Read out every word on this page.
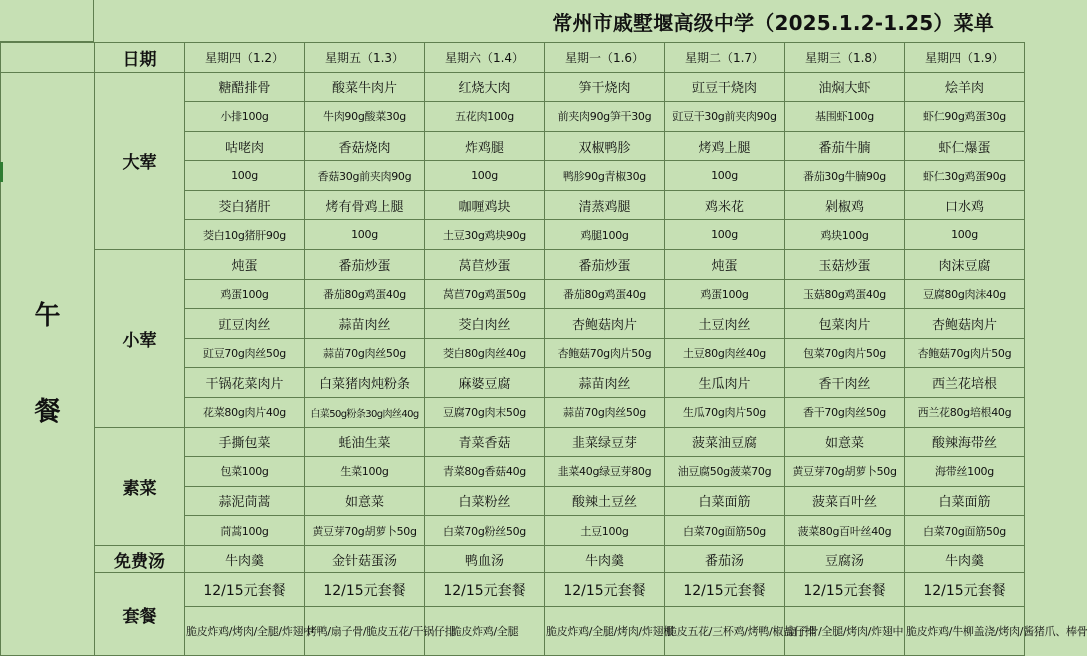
常州市戚墅堰高级中学（2025.1.2-1.25）菜单
	日期	星期四（1.2）	星期五（1.3）	星期六（1.4）	星期一（1.6）	星期二（1.7）	星期三（1.8）	星期四（1.9）

午
餐	大荤	糖醋排骨	酸菜牛肉片	红烧大肉	笋干烧肉	豇豆干烧肉	油焖大虾	烩羊肉
		小排100g	牛肉90g酸菜30g	五花肉100g	前夹肉90g笋干30g	豇豆干30g前夹肉90g	基围虾100g	虾仁90g鸡蛋30g
		咕咾肉	香菇烧肉	炸鸡腿	双椒鸭胗	烤鸡上腿	番茄牛腩	虾仁爆蛋
		100g	香菇30g前夹肉90g	100g	鸭胗90g青椒30g	100g	番茄30g牛腩90g	虾仁30g鸡蛋90g
		茭白猪肝	烤有骨鸡上腿	咖喱鸡块	清蒸鸡腿	鸡米花	剁椒鸡	口水鸡
		茭白10g猪肝90g	100g	土豆30g鸡块90g	鸡腿100g	100g	鸡块100g	100g
	小荤	炖蛋	番茄炒蛋	莴苣炒蛋	番茄炒蛋	炖蛋	玉菇炒蛋	肉沫豆腐
		鸡蛋100g	番茄80g鸡蛋40g	莴苣70g鸡蛋50g	番茄80g鸡蛋40g	鸡蛋100g	玉菇80g鸡蛋40g	豆腐80g肉沫40g
		豇豆肉丝	蒜苗肉丝	茭白肉丝	杏鲍菇肉片	土豆肉丝	包菜肉片	杏鲍菇肉片
		豇豆70g肉丝50g	蒜苗70g肉丝50g	茭白80g肉丝40g	杏鲍菇70g肉片50g	土豆80g肉丝40g	包菜70g肉片50g	杏鲍菇70g肉片50g
		干锅花菜肉片	白菜猪肉炖粉条	麻婆豆腐	蒜苗肉丝	生瓜肉片	香干肉丝	西兰花培根
		花菜80g肉片40g	白菜50g粉条30g肉丝40g	豆腐70g肉末50g	蒜苗70g肉丝50g	生瓜70g肉片50g	香干70g肉丝50g	西兰花80g培根40g
	素菜	手撕包菜	蚝油生菜	青菜香菇	韭菜绿豆芽	菠菜油豆腐	如意菜	酸辣海带丝
		包菜100g	生菜100g	青菜80g香菇40g	韭菜40g绿豆芽80g	油豆腐50g菠菜70g	黄豆芽70g胡萝卜50g	海带丝100g
		蒜泥茼蒿	如意菜	白菜粉丝	酸辣土豆丝	白菜面筋	菠菜百叶丝	白菜面筋
		茼蒿100g	黄豆芽70g胡萝卜50g	白菜70g粉丝50g	土豆100g	白菜70g面筋50g	菠菜80g百叶丝40g	白菜70g面筋50g
	免费汤	牛肉羹	金针菇蛋汤	鸭血汤	牛肉羹	番茄汤	豆腐汤	牛肉羹
	套餐	12/15元套餐	12/15元套餐	12/15元套餐	12/15元套餐	12/15元套餐	12/15元套餐	12/15元套餐
		脆皮炸鸡/烤肉/全腿/炸翅中	烤鸭/扇子骨/脆皮五花/干锅仔排	脆皮炸鸡/全腿	脆皮炸鸡/全腿/烤肉/炸翅根	脆皮五花/三杯鸡/烤鸭/椒盐仔排	扇子骨/全腿/烤肉/炸翅中	脆皮炸鸡/牛柳盖浇/烤肉/酱猪爪、棒骨
